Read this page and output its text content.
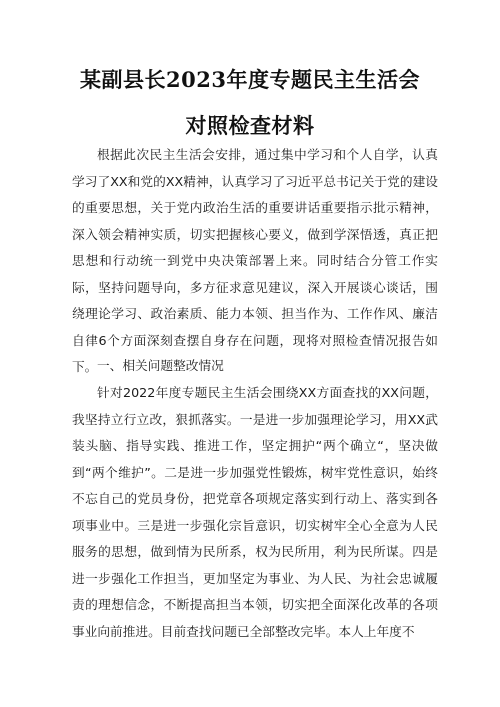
某副县长2023年度专题民主生活会
对照检查材料

根据此次民主生活会安排，通过集中学习和个人自学，认真学习了XX和党的XX精神，认真学习了习近平总书记关于党的建设的重要思想，关于党内政治生活的重要讲话重要指示批示精神，深入领会精神实质，切实把握核心要义，做到学深悟透，真正把思想和行动统一到党中央决策部署上来。同时结合分管工作实际，坚持问题导向，多方征求意见建议，深入开展谈心谈话，围绕理论学习、政治素质、能力本领、担当作为、工作作风、廉洁自律6个方面深刻查摆自身存在问题，现将对照检查情况报告如下。 一、相关问题整改情况

针对2022年度专题民主生活会围绕XX方面查找的XX问题，我坚持立行立改，狠抓落实。一是进一步加强理论学习，用XX武装头脑、指导实践、推进工作，坚定拥护“两个确立“，坚决做到“两个维护”。二是进一步加强党性锻炼，树牢党性意识，始终不忘自己的党员身份，把党章各项规定落实到行动上、落实到各项事业中。三是进一步强化宗旨意识，切实树牢全心全意为人民服务的思想，做到情为民所系，权为民所用，利为民所谋。四是进一步强化工作担当，更加坚定为事业、为人民、为社会忠诚履责的理想信念，不断提高担当本领，切实把全面深化改革的各项事业向前推进。目前查找问题已全部整改完毕。本人上年度不
